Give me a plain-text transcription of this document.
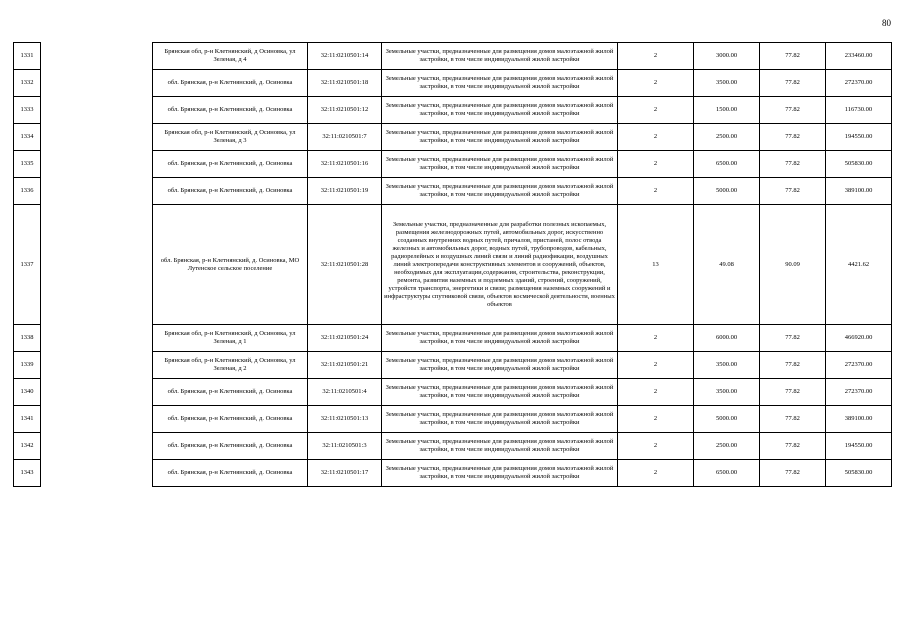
80
1331		Брянская обл, р-н Клетнянский, д Осиновка, ул Зеленая, д 4	32:11:0210501:14	Земельные участки, предназначенные для размещения домов малоэтажной жилой застройки, в том числе индивидуальной жилой застройки	2	3000.00	77.82	233460.00
1332		обл. Брянская, р-н Клетнянский, д. Осиновка	32:11:0210501:18	Земельные участки, предназначенные для размещения домов малоэтажной жилой застройки, в том числе индивидуальной жилой застройки	2	3500.00	77.82	272370.00
1333		обл. Брянская, р-н Клетнянский, д. Осиновка	32:11:0210501:12	Земельные участки, предназначенные для размещения домов малоэтажной жилой застройки, в том числе индивидуальной жилой застройки	2	1500.00	77.82	116730.00
1334		Брянская обл, р-н Клетнянский, д Осиновка, ул Зеленая, д 3	32:11:0210501:7	Земельные участки, предназначенные для размещения домов малоэтажной жилой застройки, в том числе индивидуальной жилой застройки	2	2500.00	77.82	194550.00
1335		обл. Брянская, р-н Клетнянский, д. Осиновка	32:11:0210501:16	Земельные участки, предназначенные для размещения домов малоэтажной жилой застройки, в том числе индивидуальной жилой застройки	2	6500.00	77.82	505830.00
1336		обл. Брянская, р-н Клетнянский, д. Осиновка	32:11:0210501:19	Земельные участки, предназначенные для размещения домов малоэтажной жилой застройки, в том числе индивидуальной жилой застройки	2	5000.00	77.82	389100.00
1337		обл. Брянская, р-н Клетнянский, д. Осиновка, МО Лутенское сельское поселение	32:11:0210501:28	Земельные участки, предназначенные для разработки полезных ископаемых, размещения железнодорожных путей, автомобильных дорог, искусственно созданных внутренних водных путей, причалов, пристаней, полос отвода железных и автомобильных дорог, водных путей, трубопроводов, кабельных, радиорелейных и воздушных линий связи и линий радиофикации, воздушных линий электропередачи конструктивных элементов и сооружений, объектов, необходимых для эксплуатации,содержания, строительства, реконструкции, ремонта, развития наземных и подземных зданий, строений, сооружений, устройств транспорта, энергетики и связи; размещения наземных сооружений и инфраструктуры спутниковой связи, объектов космической деятельности, военных объектов	13	49.08	90.09	4421.62
1338		Брянская обл, р-н Клетнянский, д Осиновка, ул Зеленая, д 1	32:11:0210501:24	Земельные участки, предназначенные для размещения домов малоэтажной жилой застройки, в том числе индивидуальной жилой застройки	2	6000.00	77.82	466920.00
1339		Брянская обл, р-н Клетнянский, д Осиновка, ул Зеленая, д 2	32:11:0210501:21	Земельные участки, предназначенные для размещения домов малоэтажной жилой застройки, в том числе индивидуальной жилой застройки	2	3500.00	77.82	272370.00
1340		обл. Брянская, р-н Клетнянский, д. Осиновка	32:11:0210501:4	Земельные участки, предназначенные для размещения домов малоэтажной жилой застройки, в том числе индивидуальной жилой застройки	2	3500.00	77.82	272370.00
1341		обл. Брянская, р-н Клетнянский, д. Осиновка	32:11:0210501:13	Земельные участки, предназначенные для размещения домов малоэтажной жилой застройки, в том числе индивидуальной жилой застройки	2	5000.00	77.82	389100.00
1342		обл. Брянская, р-н Клетнянский, д. Осиновка	32:11:0210501:3	Земельные участки, предназначенные для размещения домов малоэтажной жилой застройки, в том числе индивидуальной жилой застройки	2	2500.00	77.82	194550.00
1343		обл. Брянская, р-н Клетнянский, д. Осиновка	32:11:0210501:17	Земельные участки, предназначенные для размещения домов малоэтажной жилой застройки, в том числе индивидуальной жилой застройки	2	6500.00	77.82	505830.00
